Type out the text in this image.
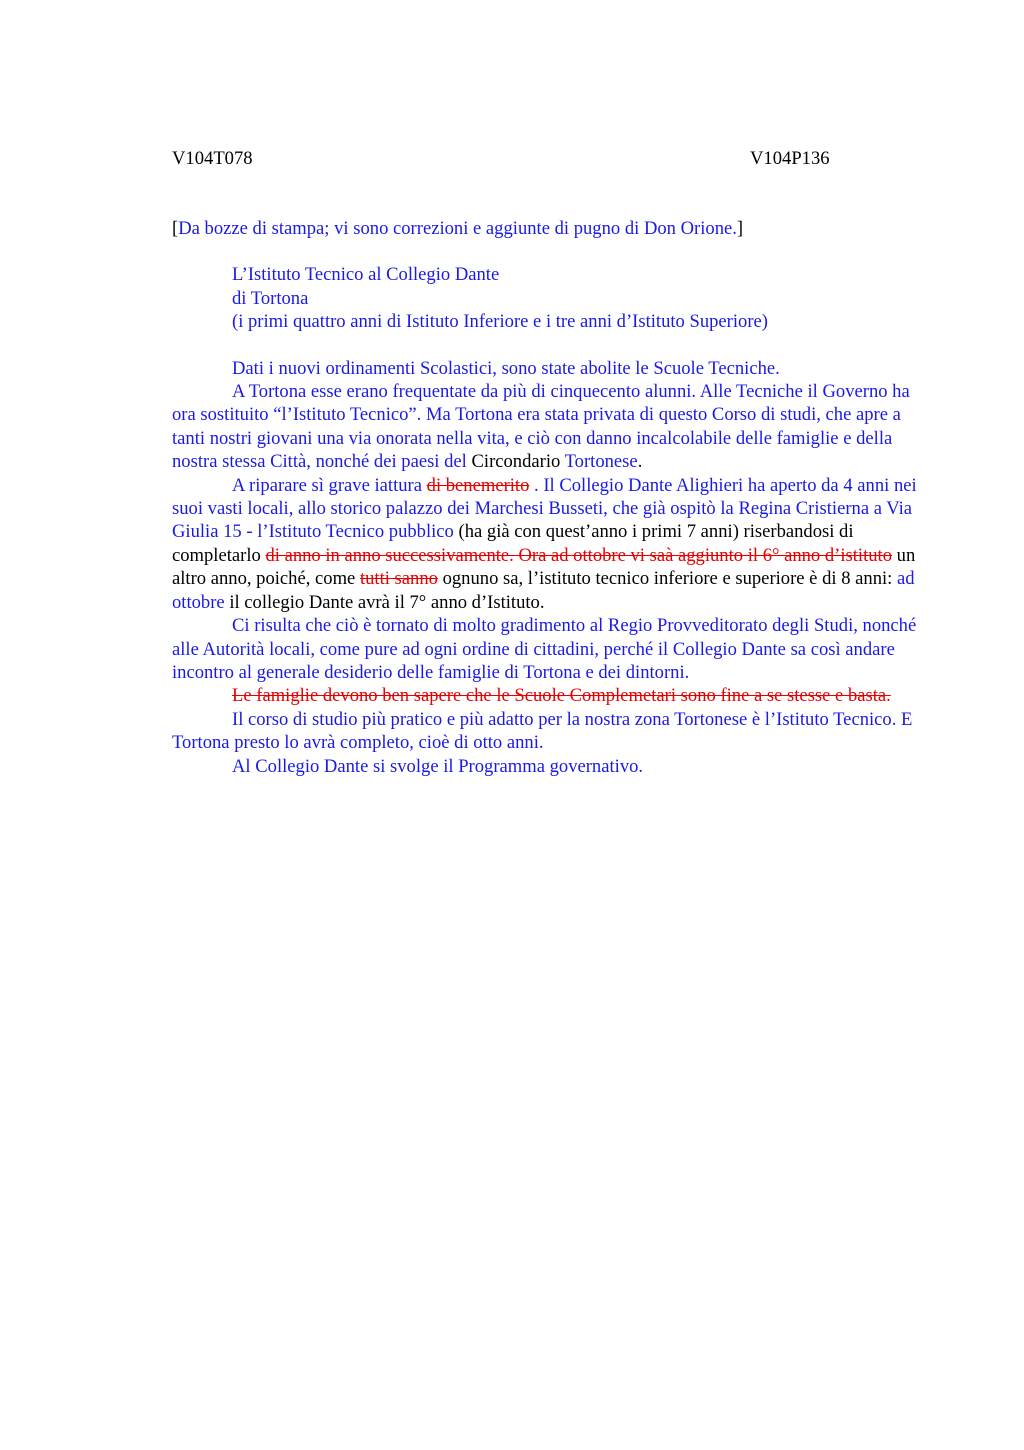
V104T078	V104P136
[Da bozze di stampa; vi sono correzioni e aggiunte di pugno di Don Orione.]
L’Istituto Tecnico al Collegio Dante
di Tortona
(i primi quattro anni di Istituto Inferiore e i tre anni d’Istituto Superiore)

Dati i nuovi ordinamenti Scolastici, sono state abolite le Scuole Tecniche.

A Tortona esse erano frequentate da più di cinquecento alunni. Alle Tecniche il Governo ha ora sostituito “l’Istituto Tecnico”. Ma Tortona era stata privata di questo Corso di studi, che apre a tanti nostri giovani una via onorata nella vita, e ciò con danno incalcolabile delle famiglie e della nostra stessa Città, nonché dei paesi del Circondario Tortonese.

A riparare sì grave iattura di benemerito . Il Collegio Dante Alighieri ha aperto da 4 anni nei suoi vasti locali, allo storico palazzo dei Marchesi Busseti, che già ospitò la Regina Cristierna a Via Giulia 15 - l’Istituto Tecnico pubblico (ha già con quest’anno i primi 7 anni) riserbandosi di completarlo di anno in anno successivamente. Ora ad ottobre vi saà aggiunto il 6° anno d’istituto un altro anno, poiché, come tutti sanno ognuno sa, l’istituto tecnico inferiore e superiore è di 8 anni: ad ottobre il collegio Dante avrà il 7° anno d’Istituto.

Ci risulta che ciò è tornato di molto gradimento al Regio Provveditorato degli Studi, nonché alle Autorità locali, come pure ad ogni ordine di cittadini, perché il Collegio Dante sa così andare incontro al generale desiderio delle famiglie di Tortona e dei dintorni.

Le famiglie devono ben sapere che le Scuole Complemetari sono fine a se stesse e basta.

Il corso di studio più pratico e più adatto per la nostra zona Tortonese è l’Istituto Tecnico. E Tortona presto lo avrà completo, cioè di otto anni.

Al Collegio Dante si svolge il Programma governativo.
